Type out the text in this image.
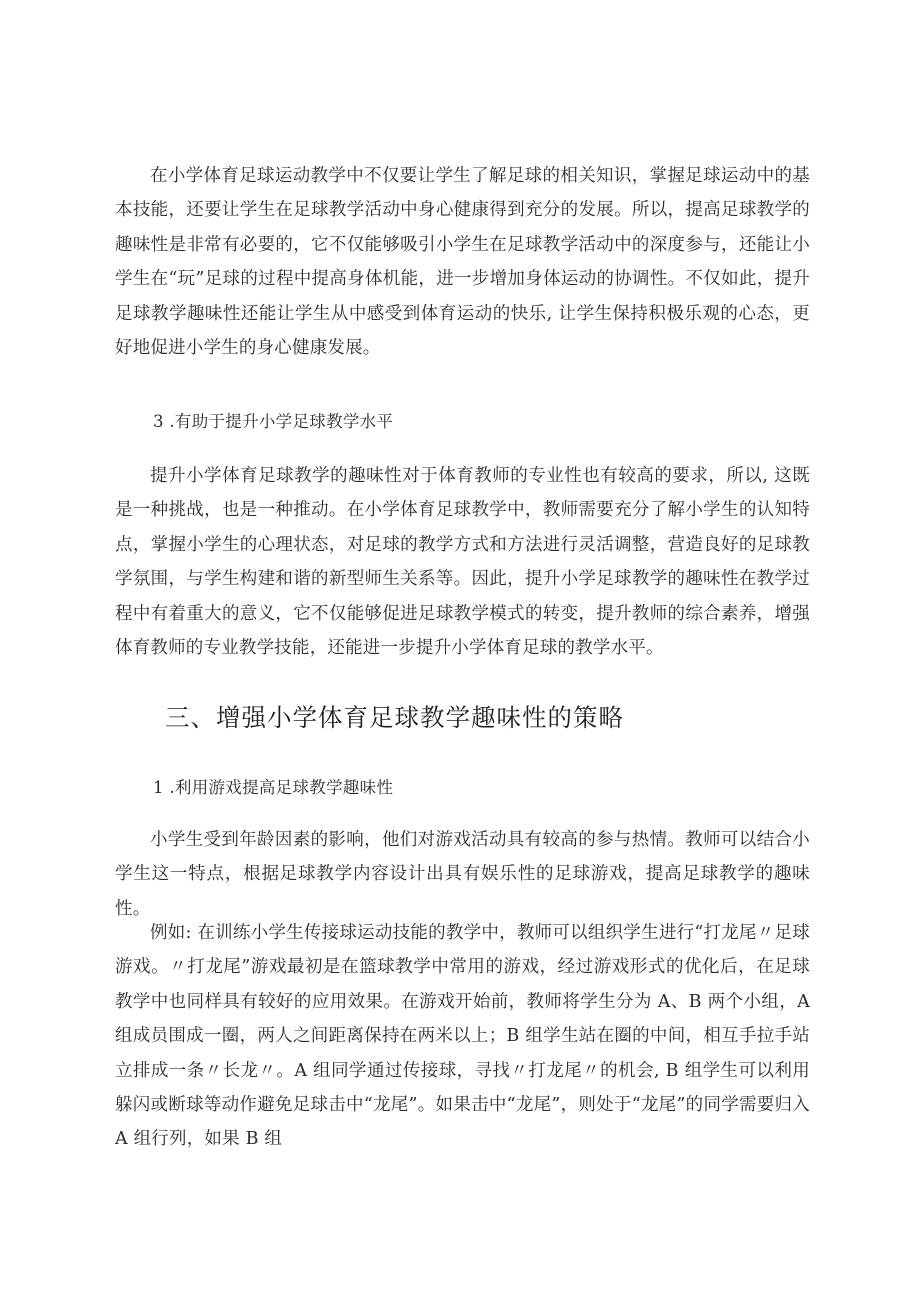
在小学体育足球运动教学中不仅要让学生了解足球的相关知识，掌握足球运动中的基本技能，还要让学生在足球教学活动中身心健康得到充分的发展。所以，提高足球教学的趣味性是非常有必要的，它不仅能够吸引小学生在足球教学活动中的深度参与，还能让小学生在“玩”足球的过程中提高身体机能，进一步增加身体运动的协调性。不仅如此，提升足球教学趣味性还能让学生从中感受到体育运动的快乐, 让学生保持积极乐观的心态，更好地促进小学生的身心健康发展。

3 .有助于提升小学足球教学水平

提升小学体育足球教学的趣味性对于体育教师的专业性也有较高的要求，所以, 这既是一种挑战，也是一种推动。在小学体育足球教学中，教师需要充分了解小学生的认知特点，掌握小学生的心理状态，对足球的教学方式和方法进行灵活调整，营造良好的足球教学氛围，与学生构建和谐的新型师生关系等。因此，提升小学足球教学的趣味性在教学过程中有着重大的意义，它不仅能够促进足球教学模式的转变，提升教师的综合素养，增强体育教师的专业教学技能，还能进一步提升小学体育足球的教学水平。

三、增强小学体育足球教学趣味性的策略

1 .利用游戏提高足球教学趣味性

小学生受到年龄因素的影响，他们对游戏活动具有较高的参与热情。教师可以结合小学生这一特点，根据足球教学内容设计出具有娱乐性的足球游戏，提高足球教学的趣味性。

例如: 在训练小学生传接球运动技能的教学中，教师可以组织学生进行“打龙尾〃足球游戏。〃打龙尾”游戏最初是在篮球教学中常用的游戏，经过游戏形式的优化后，在足球教学中也同样具有较好的应用效果。在游戏开始前，教师将学生分为 A、B 两个小组，A 组成员围成一圈，两人之间距离保持在两米以上；B 组学生站在圈的中间，相互手拉手站立排成一条〃长龙〃。A 组同学通过传接球，寻找〃打龙尾〃的机会, B 组学生可以利用躲闪或断球等动作避免足球击中“龙尾”。如果击中“龙尾”，则处于“龙尾”的同学需要归入 A 组行列，如果 B 组
